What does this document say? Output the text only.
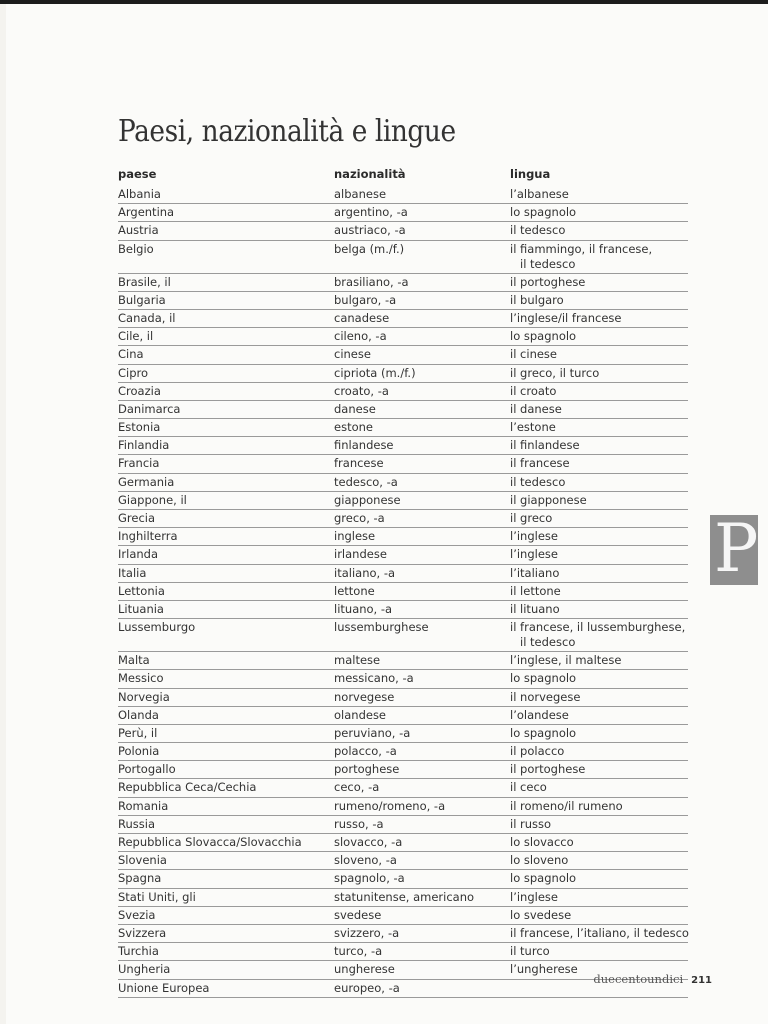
Paesi, nazionalità e lingue
paese	nazionalità	lingua
Albania	albanese	l’albanese
Argentina	argentino, -a	lo spagnolo
Austria	austriaco, -a	il tedesco
Belgio	belga (m./f.)	il fiammingo, il francese,
il tedesco
Brasile, il	brasiliano, -a	il portoghese
Bulgaria	bulgaro, -a	il bulgaro
Canada, il	canadese	l’inglese/il francese
Cile, il	cileno, -a	lo spagnolo
Cina	cinese	il cinese
Cipro	cipriota (m./f.)	il greco, il turco
Croazia	croato, -a	il croato
Danimarca	danese	il danese
Estonia	estone	l’estone
Finlandia	finlandese	il finlandese
Francia	francese	il francese
Germania	tedesco, -a	il tedesco
Giappone, il	giapponese	il giapponese
Grecia	greco, -a	il greco
Inghilterra	inglese	l’inglese
Irlanda	irlandese	l’inglese
Italia	italiano, -a	l’italiano
Lettonia	lettone	il lettone
Lituania	lituano, -a	il lituano
Lussemburgo	lussemburghese	il francese, il lussemburghese,
il tedesco
Malta	maltese	l’inglese, il maltese
Messico	messicano, -a	lo spagnolo
Norvegia	norvegese	il norvegese
Olanda	olandese	l’olandese
Perù, il	peruviano, -a	lo spagnolo
Polonia	polacco, -a	il polacco
Portogallo	portoghese	il portoghese
Repubblica Ceca/Cechia	ceco, -a	il ceco
Romania	rumeno/romeno, -a	il romeno/il rumeno
Russia	russo, -a	il russo
Repubblica Slovacca/Slovacchia	slovacco, -a	lo slovacco
Slovenia	sloveno, -a	lo sloveno
Spagna	spagnolo, -a	lo spagnolo
Stati Uniti, gli	statunitense, americano	l’inglese
Svezia	svedese	lo svedese
Svizzera	svizzero, -a	il francese, l’italiano, il tedesco
Turchia	turco, -a	il turco
Ungheria	ungherese	l’ungherese
Unione Europea	europeo, -a
P
duecentoundici 211
